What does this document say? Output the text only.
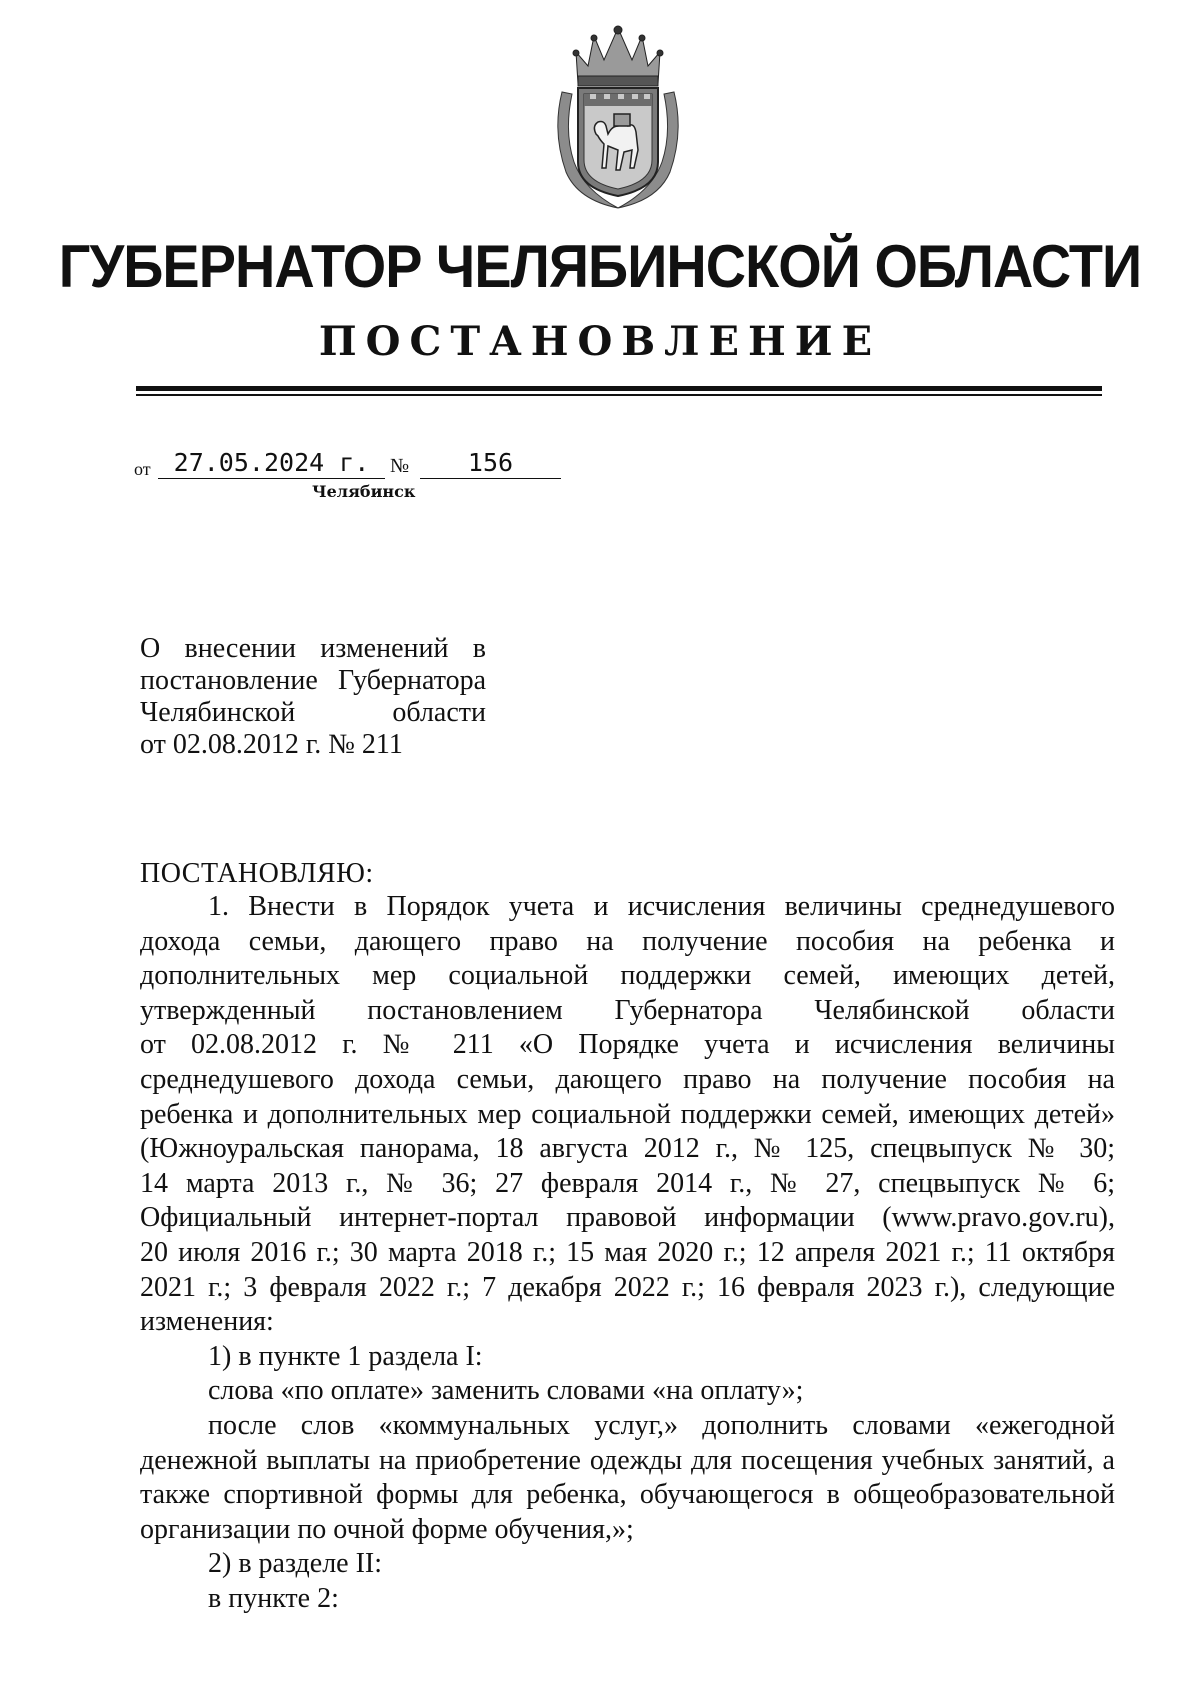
ГУБЕРНАТОР ЧЕЛЯБИНСКОЙ ОБЛАСТИ
ПОСТАНОВЛЕНИЕ
от 27.05.2024 г.	№	156
Челябинск
О внесении изменений в
постановление Губернатора
Челябинской области
от 02.08.2012 г. № 211
ПОСТАНОВЛЯЮ:
1. Внести в Порядок учета и исчисления величины среднедушевого
дохода семьи, дающего право на получение пособия на ребенка и
дополнительных мер социальной поддержки семей, имеющих детей,
утвержденный постановлением Губернатора Челябинской области
от 02.08.2012 г. № 211 «О Порядке учета и исчисления величины
среднедушевого дохода семьи, дающего право на получение пособия на
ребенка и дополнительных мер социальной поддержки семей, имеющих детей»
(Южноуральская панорама, 18 августа 2012 г., № 125, спецвыпуск № 30;
14 марта 2013 г., № 36; 27 февраля 2014 г., № 27, спецвыпуск № 6;
Официальный интернет-портал правовой информации (www.pravo.gov.ru),
20 июля 2016 г.; 30 марта 2018 г.; 15 мая 2020 г.; 12 апреля 2021 г.; 11 октября
2021 г.; 3 февраля 2022 г.; 7 декабря 2022 г.; 16 февраля 2023 г.), следующие
изменения:
1) в пункте 1 раздела I:
слова «по оплате» заменить словами «на оплату»;
после слов «коммунальных услуг,» дополнить словами «ежегодной
денежной выплаты на приобретение одежды для посещения учебных занятий, а
также спортивной формы для ребенка, обучающегося в общеобразовательной
организации по очной форме обучения,»;
2) в разделе II:
в пункте 2:
